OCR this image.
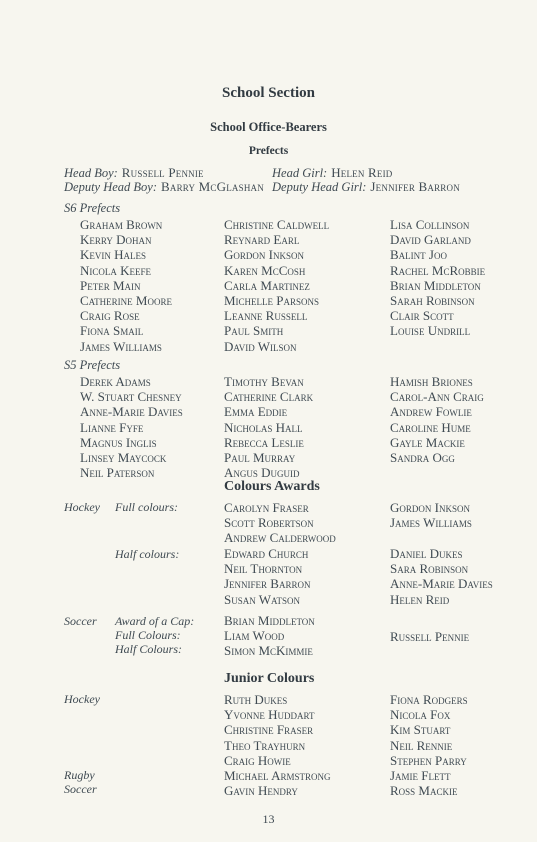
School Section
School Office-Bearers
Prefects
Head Boy: Russell Pennie
Deputy Head Boy: Barry McGlashan
Head Girl: Helen Reid
Deputy Head Girl: Jennifer Barron
S6 Prefects
Graham Brown
Kerry Dohan
Kevin Hales
Nicola Keefe
Peter Main
Catherine Moore
Craig Rose
Fiona Smail
James Williams
Christine Caldwell
Reynard Earl
Gordon Inkson
Karen McCosh
Carla Martinez
Michelle Parsons
Leanne Russell
Paul Smith
David Wilson
Lisa Collinson
David Garland
Balint Joo
Rachel McRobbie
Brian Middleton
Sarah Robinson
Clair Scott
Louise Undrill
S5 Prefects
Derek Adams
W. Stuart Chesney
Anne-Marie Davies
Lianne Fyfe
Magnus Inglis
Linsey Maycock
Neil Paterson
Timothy Bevan
Catherine Clark
Emma Eddie
Nicholas Hall
Rebecca Leslie
Paul Murray
Angus Duguid
Hamish Briones
Carol-Ann Craig
Andrew Fowlie
Caroline Hume
Gayle Mackie
Sandra Ogg
Colours Awards
Hockey Full colours:	Carolyn Fraser
Scott Robertson
Andrew Calderwood
Gordon Inkson
James Williams
Half colours:	Edward Church
Neil Thornton
Jennifer Barron
Susan Watson
Daniel Dukes
Sara Robinson
Anne-Marie Davies
Helen Reid
Soccer Award of a Cap:
Full Colours:
Half Colours:
Brian Middleton
Liam Wood
Simon McKimmie
Russell Pennie
Junior Colours
Hockey
Rugby
Soccer
Ruth Dukes
Yvonne Huddart
Christine Fraser
Theo Trayhurn
Craig Howie
Michael Armstrong
Gavin Hendry
Fiona Rodgers
Nicola Fox
Kim Stuart
Neil Rennie
Stephen Parry
Jamie Flett
Ross Mackie
13
